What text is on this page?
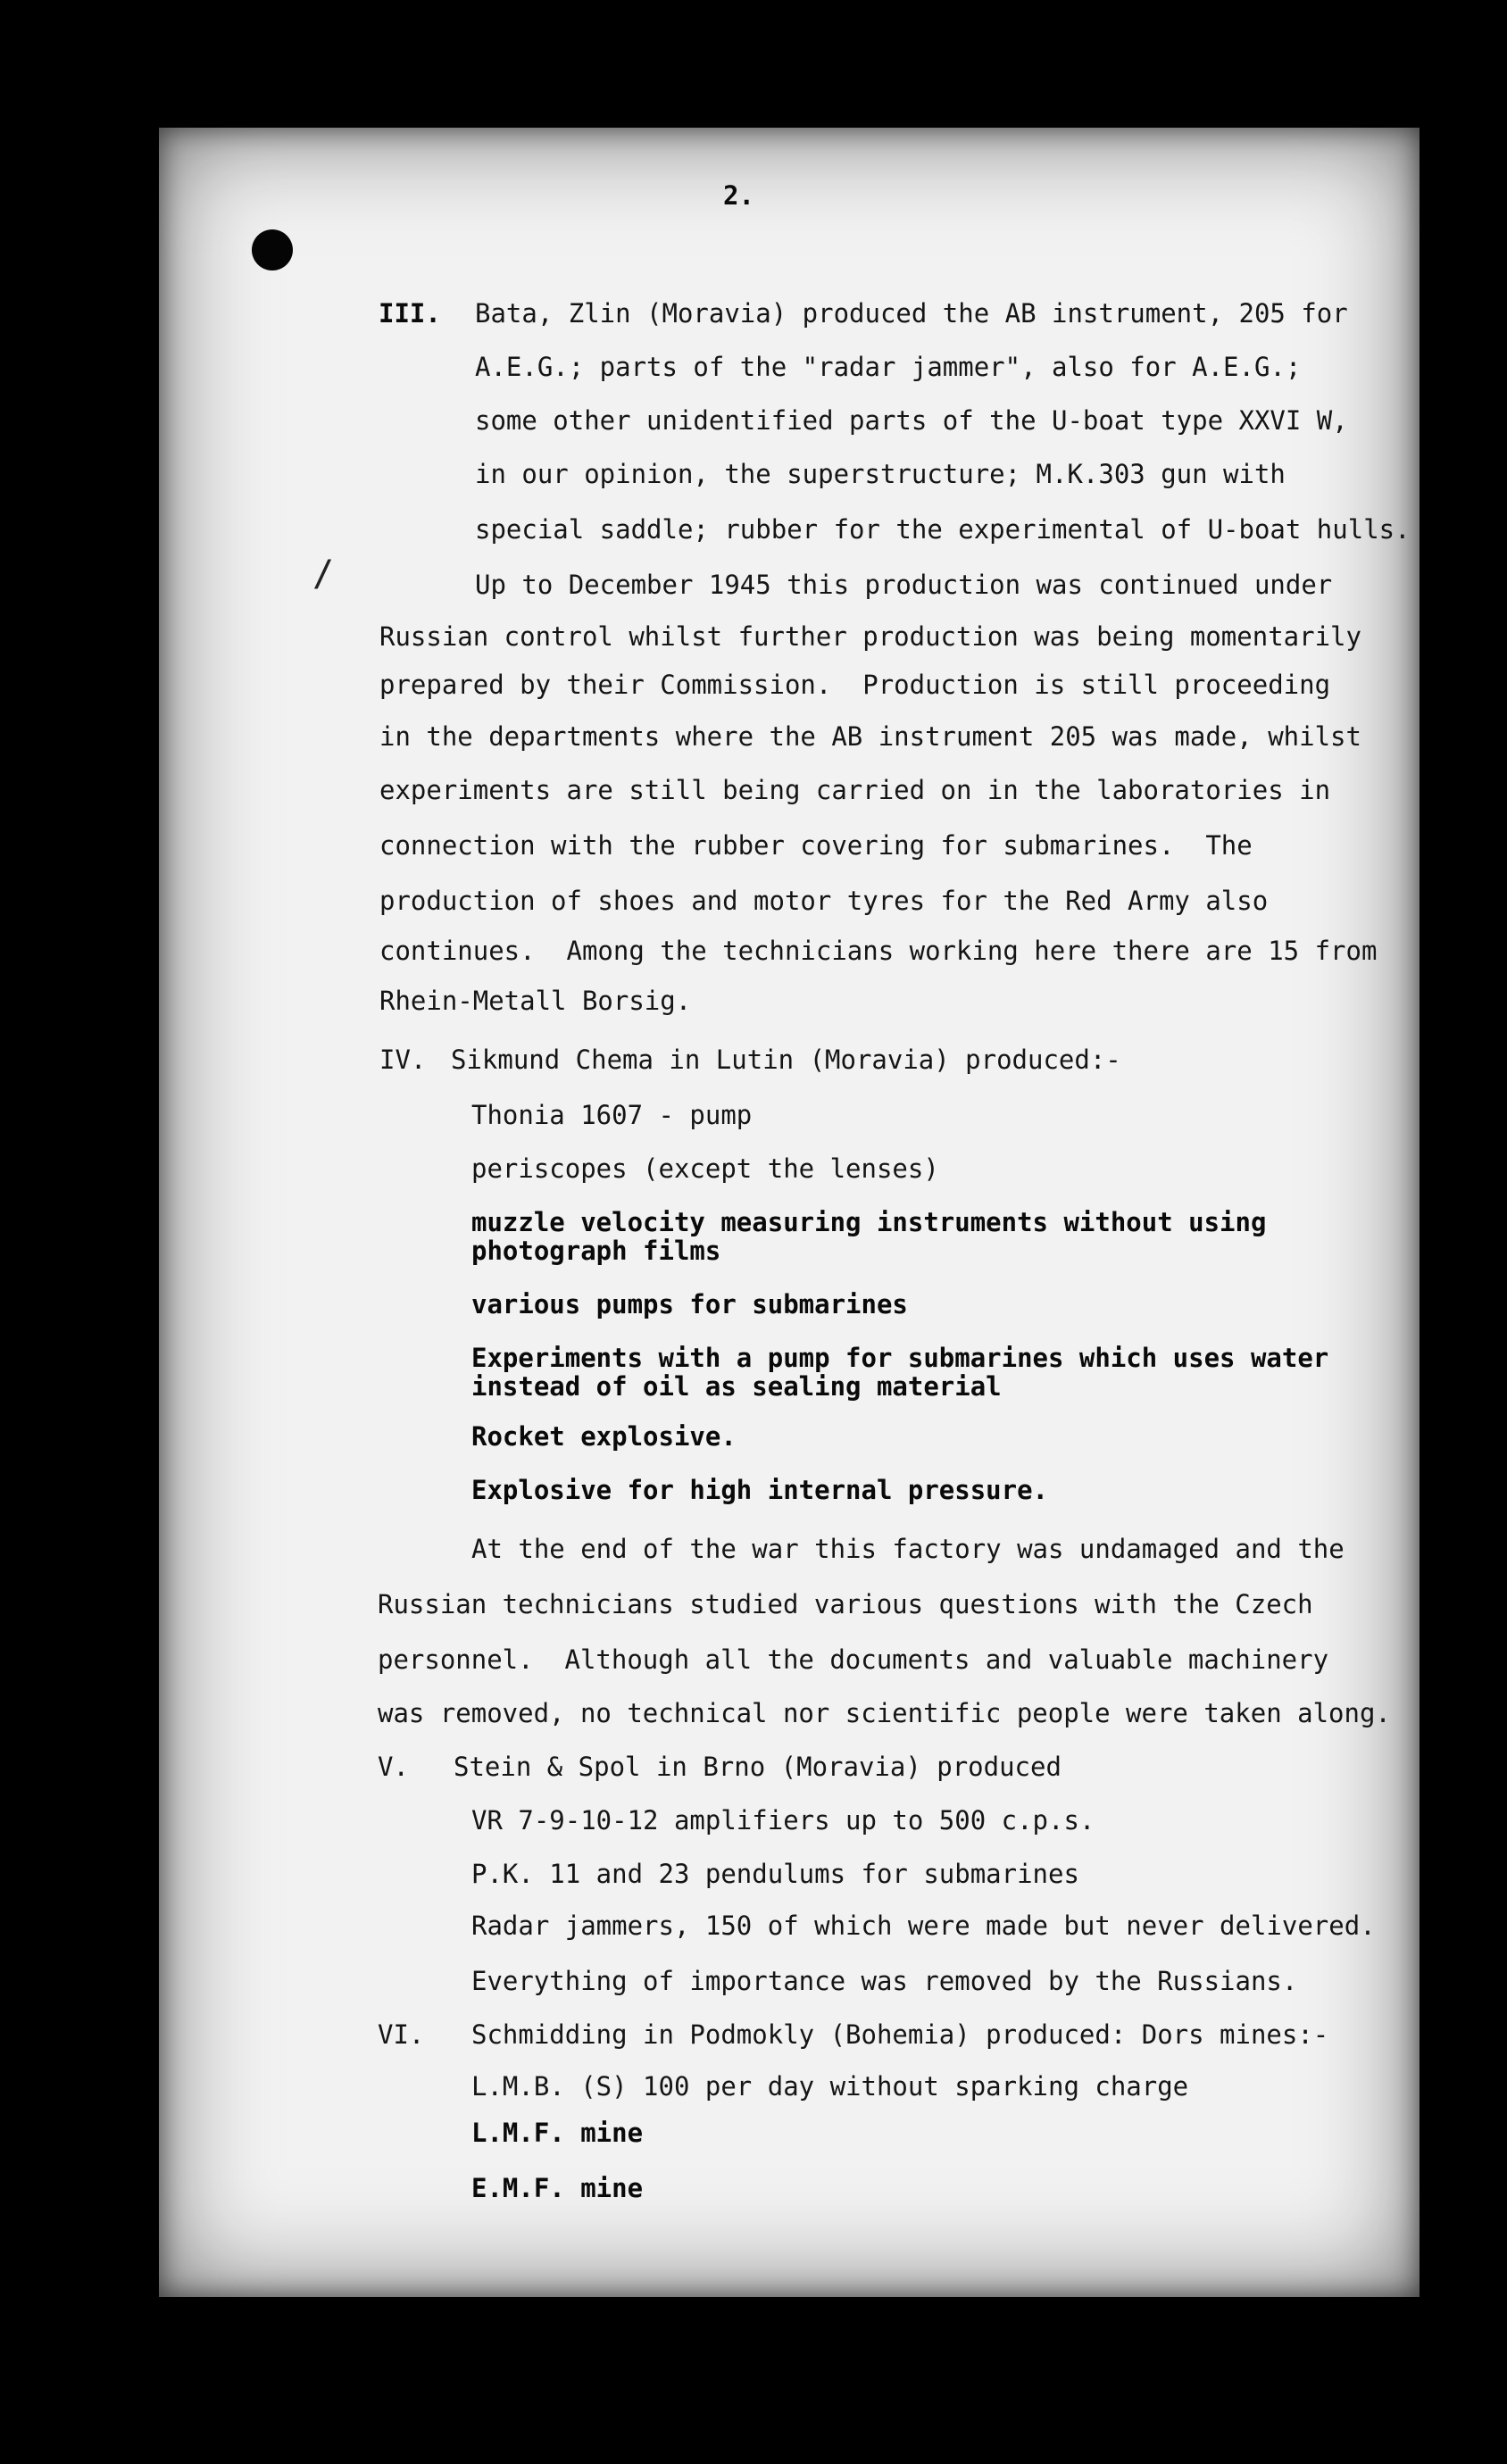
/
2.
III. Bata, Zlin (Moravia) produced the AB instrument, 205 for
A.E.G.; parts of the "radar jammer", also for A.E.G.;
some other unidentified parts of the U-boat type XXVI W,
in our opinion, the superstructure; M.K.303 gun with
special saddle; rubber for the experimental of U-boat hulls.
Up to December 1945 this production was continued under
Russian control whilst further production was being momentarily
prepared by their Commission.  Production is still proceeding
in the departments where the AB instrument 205 was made, whilst
experiments are still being carried on in the laboratories in
connection with the rubber covering for submarines.  The
production of shoes and motor tyres for the Red Army also
continues.  Among the technicians working here there are 15 from
Rhein-Metall Borsig.
IV. Sikmund Chema in Lutin (Moravia) produced:-
Thonia 1607 - pump
periscopes (except the lenses)
muzzle velocity measuring instruments without using
photograph films
various pumps for submarines
Experiments with a pump for submarines which uses water
instead of oil as sealing material
Rocket explosive.
Explosive for high internal pressure.
At the end of the war this factory was undamaged and the
Russian technicians studied various questions with the Czech
personnel.  Although all the documents and valuable machinery
was removed, no technical nor scientific people were taken along.
V. Stein & Spol in Brno (Moravia) produced
VR 7-9-10-12 amplifiers up to 500 c.p.s.
P.K. 11 and 23 pendulums for submarines
Radar jammers, 150 of which were made but never delivered.
Everything of importance was removed by the Russians.
VI. Schmidding in Podmokly (Bohemia) produced: Dors mines:-
L.M.B. (S) 100 per day without sparking charge
L.M.F. mine
E.M.F. mine
